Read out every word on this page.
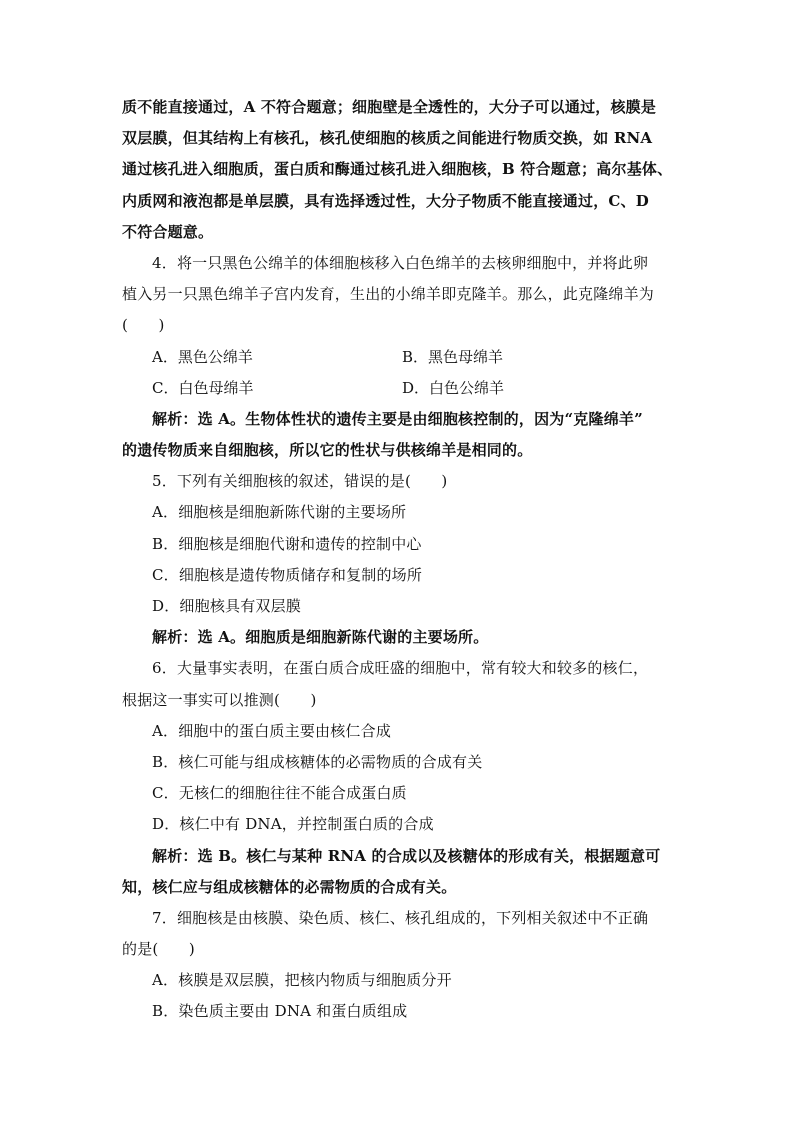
质不能直接通过，A 不符合题意；细胞壁是全透性的，大分子可以通过，核膜是
双层膜，但其结构上有核孔，核孔使细胞的核质之间能进行物质交换，如 RNA
通过核孔进入细胞质，蛋白质和酶通过核孔进入细胞核，B 符合题意；高尔基体、
内质网和液泡都是单层膜，具有选择透过性，大分子物质不能直接通过，C、D
不符合题意。
4．将一只黑色公绵羊的体细胞核移入白色绵羊的去核卵细胞中，并将此卵
植入另一只黑色绵羊子宫内发育，生出的小绵羊即克隆羊。那么，此克隆绵羊为
(　　)
A．黑色公绵羊	B．黑色母绵羊
C．白色母绵羊	D．白色公绵羊
解析：选 A。生物体性状的遗传主要是由细胞核控制的，因为“克隆绵羊”
的遗传物质来自细胞核，所以它的性状与供核绵羊是相同的。
5．下列有关细胞核的叙述，错误的是(　　)
A．细胞核是细胞新陈代谢的主要场所
B．细胞核是细胞代谢和遗传的控制中心
C．细胞核是遗传物质储存和复制的场所
D．细胞核具有双层膜
解析：选 A。细胞质是细胞新陈代谢的主要场所。
6．大量事实表明，在蛋白质合成旺盛的细胞中，常有较大和较多的核仁，
根据这一事实可以推测(　　)
A．细胞中的蛋白质主要由核仁合成
B．核仁可能与组成核糖体的必需物质的合成有关
C．无核仁的细胞往往不能合成蛋白质
D．核仁中有 DNA，并控制蛋白质的合成
解析：选 B。核仁与某种 RNA 的合成以及核糖体的形成有关，根据题意可
知，核仁应与组成核糖体的必需物质的合成有关。
7．细胞核是由核膜、染色质、核仁、核孔组成的，下列相关叙述中不正确
的是(　　)
A．核膜是双层膜，把核内物质与细胞质分开
B．染色质主要由 DNA 和蛋白质组成
